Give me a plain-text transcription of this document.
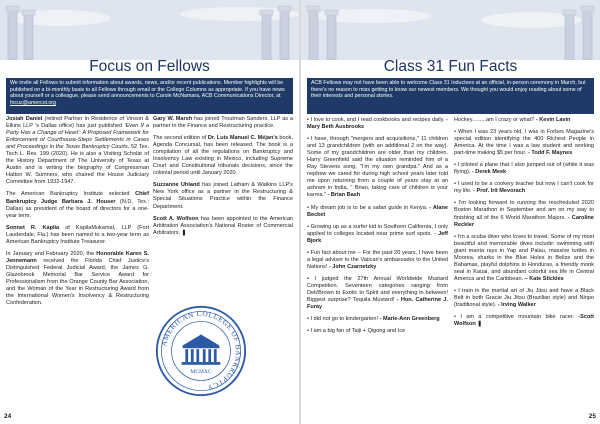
Focus on Fellows
We invite all Fellows to submit information about awards, news, and/or recent publications. Member highlights will be published on a bi-monthly basis to all Fellows through email or the College Columns as appropriate. If you have news about yourself or a colleague, please send announcements to Carole McNamara, ACB Communications Director, at focus@amercol.org

Josiah Daniel (retired Partner in Residence of Vinson & Elkins LLP 's Dallas office) has just published 'Even If a Party Has a Change of Heart': A Proposed Framework for Enforcement of Courthouse-Steps Settlements in Cases and Proceedings in the Texas Bankruptcy Courts, 52 Tex. Tech L. Rev. 199 (2020). He is also a Visiting Scholar of the History Department of The University of Texas at Austin and is writing the biography of Congressman Hatton W. Sumners, who chaired the House Judiciary Committee from 1932-1947.

The American Bankruptcy Institute selected Chief Bankruptcy Judge Barbara J. Houser (N.D. Tex.: Dallas) as president of the board of directors for a one-year term.

Sonnet R. Kaplia of KapilaMukamal, LLP (Fort Lauderdale, Fla.) has been named to a two-year term as American Bankruptcy Institute Treasurer.

In January and February 2020, the Honorable Karen S. Jennemann received the Florida Chief Justice's Distinguished Federal Judicial Award, the James G. Glazebrook Memorial Bar Service Award for Professionalism from the Orange County Bar Association, and the Woman of the Year in Restructuring Award from the International Women's Insolvency & Restructuring Confederation.

Gary W. Marsh has joined Troutman Sanders, LLP as a partner in the Finance and Restructuring practice.

The second edition of Dr. Luis Manuel C. Méjan's book, Agenda Concursal, has been released. The book is a compilation of all the regulations on Bankruptcy and Insolvency Law existing in Mexico, including Supreme Court and Constitutional tribunals decisions, since the colonial period until January 2020.

Suzzanne Uhland has joined Latham & Watkins LLP's New York office as a partner in the Restructuring & Special Situations Practice within the Finance Department.

Scott A. Wolfson has been appointed to the American Arbitration Association's National Roster of Commercial Arbitrators. ❚

AMERICAN COLLEGE OF BANKRUPTCY
MCMXC
24
Class 31 Fun Facts
ACB Fellows may not have been able to welcome Class 31 Inductees at an official, in-person ceremony in March, but there's no reason to miss getting to know our newest members. We thought you would enjoy reading about some of their interests and personal stories.

• I love to cook, and I read cookbooks and recipes daily. - Mary Beth Ausbrooks

• I have, through "mergers and acquisitions," 11 children and 13 grandchildren (with an additional 2 on the way). Some of my grandchildren are older than my children. Harry Greenfield said the situation reminded him of a Ray Stevens song, "I'm my own grandpa." And as a nephew we cared for during high school years later told me upon returning from a couple of years stay at an ashram in India, " Brian, taking care of children is your karma." - Brian Bash

• My dream job is to be a safari guide in Kenya. - Alane Becket

• Growing up as a surfer kid in Southern California, I only applied to colleges located near prime surf spots. - Jeff Bjork

• Fun fact about me -- For the past 20 years, I have been a legal advisor to the Vatican's ambassador to the United Nations! - John Czarnetzky

• I judged the 27th Annual Worldwide Mustard Competition. Seventeen categories ranging from Deli/Brown to Exotic to Spirit and everything in between! Biggest surprise? Tequila Mustard! - Hon. Catherine J. Furay

• I did not go to kindergarten! - Marie-Ann Greenberg

• I am a big fan of Taiji + Qigong and Ice

Hockey.........am I crazy or what? - Kevin Lavin

• When I was 23 years old, I was in Forbes Magazine's special edition identifying the 400 Richest People in America. At the time I was a law student and working part-time making $5 per hour. - Todd F. Maynes

• I piloted a plane that I also jumped out of (while it was flying). - Derek Meek

• I used to be a cookery teacher but now I can't cook for my life. - Prof. Irit Mevorach

• I'm looking forward to running the rescheduled 2020 Boston Marathon in September and am on my way to finishing all of the 6 World Marathon Majors. - Caroline Reckler

• I'm a scuba diver who loves to travel. Some of my most beautiful and memorable dives include: swimming with giant manta rays in Yap and Palau, massive turtles in Moorea, sharks in the Blue Holes in Belize and the Bahamas, playful dolphins in Honduras, a friendly monk seal in Kauai, and abundant colorful sea life in Central America and the Caribbean. – Kate Stickles

• I train in the martial art of Jiu Jitsu and have a Black Belt in both Gracie Jiu Jitsu (Brazilian style) and Ninpo (traditional style). - Irving Walker

• I am a competitive mountain bike racer. -Scott Wolfson ❚

25
